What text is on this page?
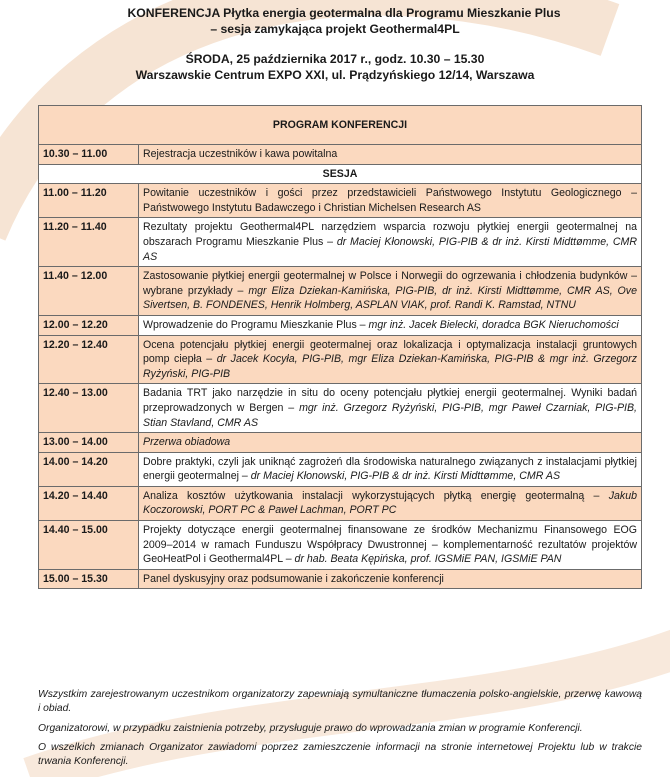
KONFERENCJA Płytka energia geotermalna dla Programu Mieszkanie Plus
– sesja zamykająca projekt Geothermal4PL
ŚRODA, 25 października 2017 r., godz. 10.30 – 15.30
Warszawskie Centrum EXPO XXI, ul. Prądzyńskiego 12/14, Warszawa
PROGRAM KONFERENCJI	
10.30 – 11.00	Rejestracja uczestników i kawa powitalna
SESJA	
11.00 – 11.20	Powitanie uczestników i gości przez przedstawicieli Państwowego Instytutu Geologicznego – Państwowego Instytutu Badawczego i Christian Michelsen Research AS
11.20 – 11.40	Rezultaty projektu Geothermal4PL narzędziem wsparcia rozwoju płytkiej energii geotermalnej na obszarach Programu Mieszkanie Plus – dr Maciej Kłonowski, PIG-PIB & dr inż. Kirsti Midttømme, CMR AS
11.40 – 12.00	Zastosowanie płytkiej energii geotermalnej w Polsce i Norwegii do ogrzewania i chłodzenia budynków – wybrane przykłady – mgr Eliza Dziekan-Kamińska, PIG-PIB, dr inż. Kirsti Midttømme, CMR AS, Ove Sivertsen, B. FONDENES, Henrik Holmberg, ASPLAN VIAK, prof. Randi K. Ramstad, NTNU
12.00 – 12.20	Wprowadzenie do Programu Mieszkanie Plus – mgr inż. Jacek Bielecki, doradca BGK Nieruchomości
12.20 – 12.40	Ocena potencjału płytkiej energii geotermalnej oraz lokalizacja i optymalizacja instalacji gruntowych pomp ciepła – dr Jacek Kocyła, PIG-PIB, mgr Eliza Dziekan-Kamińska, PIG-PIB & mgr inż. Grzegorz Ryżyński, PIG-PIB
12.40 – 13.00	Badania TRT jako narzędzie in situ do oceny potencjału płytkiej energii geotermalnej. Wyniki badań przeprowadzonych w Bergen – mgr inż. Grzegorz Ryżyński, PIG-PIB, mgr Paweł Czarniak, PIG-PIB, Stian Stavland, CMR AS
13.00 – 14.00	Przerwa obiadowa
14.00 – 14.20	Dobre praktyki, czyli jak uniknąć zagrożeń dla środowiska naturalnego związanych z instalacjami płytkiej energii geotermalnej – dr Maciej Kłonowski, PIG-PIB & dr inż. Kirsti Midttømme, CMR AS
14.20 – 14.40	Analiza kosztów użytkowania instalacji wykorzystujących płytką energię geotermalną – Jakub Koczorowski, PORT PC & Paweł Lachman, PORT PC
14.40 – 15.00	Projekty dotyczące energii geotermalnej finansowane ze środków Mechanizmu Finansowego EOG 2009–2014 w ramach Funduszu Współpracy Dwustronnej – komplementarność rezultatów projektów GeoHeatPol i Geothermal4PL – dr hab. Beata Kępińska, prof. IGSMiE PAN, IGSMiE PAN
15.00 – 15.30	Panel dyskusyjny oraz podsumowanie i zakończenie konferencji

Wszystkim zarejestrowanym uczestnikom organizatorzy zapewniają symultaniczne tłumaczenia polsko-angielskie, przerwę kawową i obiad.

Organizatorowi, w przypadku zaistnienia potrzeby, przysługuje prawo do wprowadzania zmian w programie Konferencji.

O wszelkich zmianach Organizator zawiadomi poprzez zamieszczenie informacji na stronie internetowej Projektu lub w trakcie trwania Konferencji.
